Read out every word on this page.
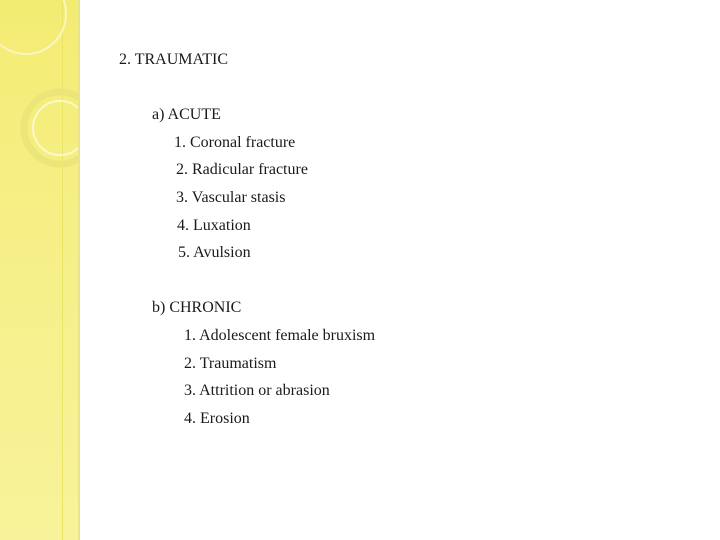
2. TRAUMATIC
a) ACUTE
1. Coronal fracture
2. Radicular fracture
3. Vascular stasis
4. Luxation
5. Avulsion
b) CHRONIC
1. Adolescent female bruxism
2. Traumatism
3. Attrition or abrasion
4. Erosion
